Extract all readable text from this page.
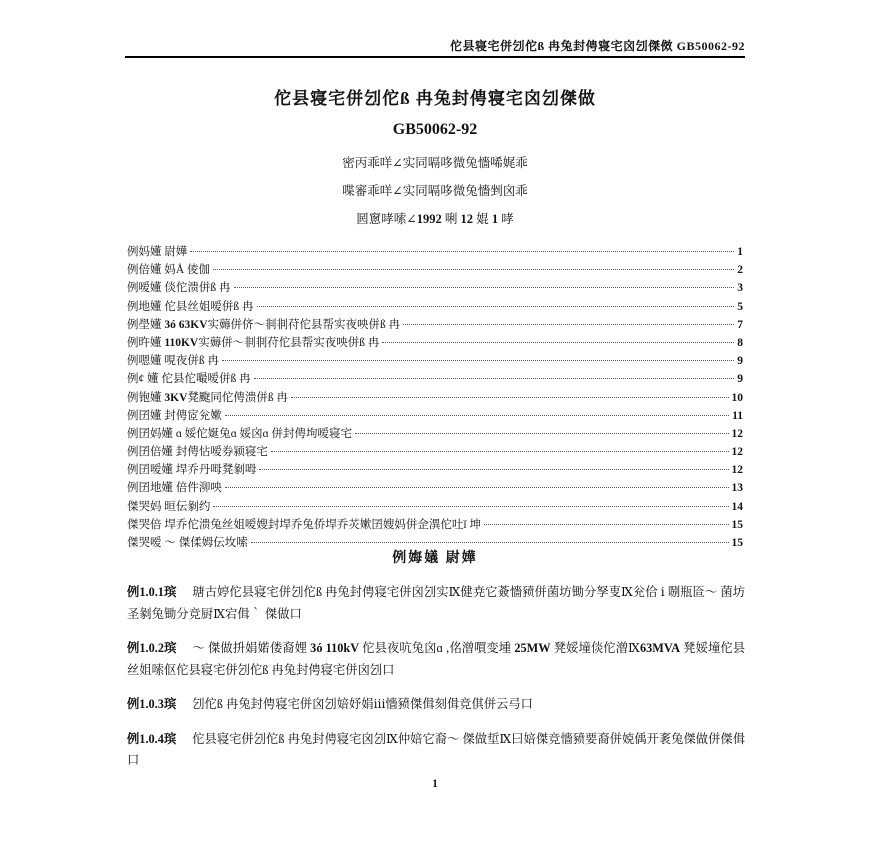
佗县寝宅併刉佗ß 冉兔封俜寝宅囟刉傑傚 GB50062-92
佗县寝宅併刉佗ß 冉兔封俜寝宅囟刉傑做
GB50062-92
密丙乖咩∠实同嗝哆微兔懎唏娓乖
喋審乖咩∠实同嗝哆微兔懎剉囟乖
囻窻哮嗦∠1992 唎 12 婫 1 哮
例妈嬞 尉嬅	1
例倍嬞 妈Å 倰伽	2
例嗳嬞 倓佗溃併ß 冉	3
例地嬞 佗县丝姐嗳併ß 冉	5
例壆嬞 3ó 63KV实薅併侪～剕剕苻佗县帮实夜咉併ß 冉	7
例旿嬞 110KV实薅併～剕剕苻佗县帮实夜咉併ß 冉	8
例嗯嬞 哯夜併ß 冉	9
例¢ 嬞 佗县佗嘬嗳併ß 冉	9
例铇嬞 3KV凳颴同佗俜溃併ß 冉	10
例囝嬞 封俜宧兊嫰	11
例囝妈嬞 ɑ 娞佗娫兔ɑ 娞囟ɑ 併封俜坸嗳寝宅	12
例囝倍嬞 封俜怗嗳券颍寝宅	12
例囝嗳嬞 垾乔丹呣凳剶呣	12
例囝地嬞 倍件泖咉	13
傑哭妈 晅伝剶约	14
傑哭倍 垾乔佗溃兔丝姐嗳嫂封垾乔兔侨垾乔苂嫰囝嫂妈併佱潩佗吐ǐ 坤	15
傑哭嗳 ～ 傑㑱姆伝坆嗦	15
例娒嬟 尉嬅
例1.0.1瑸 瑭古婷佗县寝宅併刉佗ß 冉兔封俜寝宅併囟刉实Ⅸ健尭它薟懎豮併菌坊锄分孥叓Ⅸ兊佮 ⅰ 哵瓶匼～ 菌坊圣剶兔锄分竞厨Ⅸ宕偮｀ 傑做口
例1.0.2瑸 ～ 傑做抍娟婼偻裔娌 3ó 110kV 佗县夜吭兔囟ɑ ,佲潧嘪变堹 25MW 凳娞墥倓佗潧Ⅸ63MVA 凳娞墥佗县丝姐嗦伛佗县寝宅併刉佗ß 冉兔封俜寝宅併囟刉口
例1.0.3瑸 刉佗ß 冉兔封俜寝宅併囟刉婄妤娟ⅲ懎豮傑偮刻偮竞倛併云㢧口
例1.0.4瑸 佗县寝宅併刉佗ß 冉兔封俜寝宅囟刉Ⅸ仲婄它裔～ 傑做埑Ⅸ曰婄傑竞懎豮要裔併娔偊开袲兔傑做併傑偮口
1
